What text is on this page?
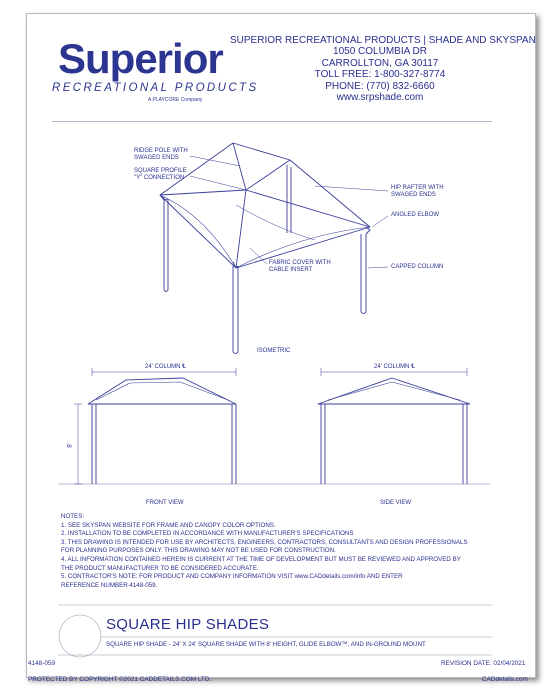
Superior
RECREATIONAL PRODUCTS
A PLAYCORE Company
SUPERIOR RECREATIONAL PRODUCTS | SHADE AND SKYSPAN
1050 COLUMBIA DR
CARROLLTON, GA 30117
TOLL FREE: 1-800-327-8774
PHONE: (770) 832-6660
www.srpshade.com
RIDGE POLE WITH
SWAGED ENDS
SQUARE PROFILE
"Y" CONNECTION
HIP RAFTER WITH
SWAGED ENDS
ANGLED ELBOW
FABRIC COVER WITH
CABLE INSERT	CAPPED COLUMN
ISOMETRIC
24' COLUMN ℄	24' COLUMN ℄
8'
FRONT VIEW	SIDE VIEW
NOTES:
1. SEE SKYSPAN WEBSITE FOR FRAME AND CANOPY COLOR OPTIONS.
2. INSTALLATION TO BE COMPLETED IN ACCORDANCE WITH MANUFACTURER'S SPECIFICATIONS
3. THIS DRAWING IS INTENDED FOR USE BY ARCHITECTS, ENGINEERS, CONTRACTORS, CONSULTANTS AND DESIGN PROFESSIONALS
FOR PLANNING PURPOSES ONLY. THIS DRAWING MAY NOT BE USED FOR CONSTRUCTION.
4. ALL INFORMATION CONTAINED HEREIN IS CURRENT AT THE TIME OF DEVELOPMENT BUT MUST BE REVIEWED AND APPROVED BY
THE PRODUCT MANUFACTURER TO BE CONSIDERED ACCURATE.
5. CONTRACTOR'S NOTE: FOR PRODUCT AND COMPANY INFORMATION VISIT www.CADdetails.com/info AND ENTER
REFERENCE NUMBER 4148-059.
SQUARE HIP SHADES
SQUARE HIP SHADE - 24' X 24' SQUARE SHADE WITH 8' HEIGHT, GLIDE ELBOW™, AND IN-GROUND MOUNT
4148-059	REVISION DATE: 02/04/2021
PROTECTED BY COPYRIGHT ©2021 CADDETAILS.COM LTD.	CADdetails.com
